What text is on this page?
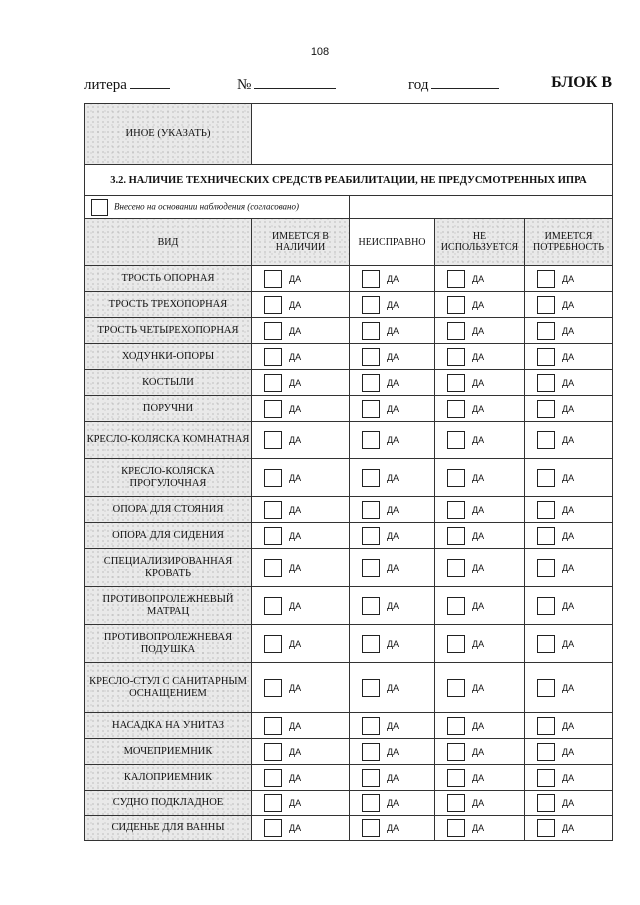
108
литера	№	год	БЛОК В
ИНОЕ (УКАЗАТЬ)				
3.2. НАЛИЧИЕ ТЕХНИЧЕСКИХ СРЕДСТВ РЕАБИЛИТАЦИИ, НЕ ПРЕДУСМОТРЕННЫХ ИПРА				
Внесено на основании наблюдения (согласовано)				
ВИД	ИМЕЕТСЯ В НАЛИЧИИ	НЕИСПРАВНО	НЕ ИСПОЛЬЗУЕТСЯ	ИМЕЕТСЯ ПОТРЕБНОСТЬ
ТРОСТЬ ОПОРНАЯ	ДА	ДА	ДА	ДА

ТРОСТЬ ТРЕХОПОРНАЯ	ДА	ДА	ДА	ДА

ТРОСТЬ ЧЕТЫРЕХОПОРНАЯ	ДА	ДА	ДА	ДА

ХОДУНКИ-ОПОРЫ	ДА	ДА	ДА	ДА

КОСТЫЛИ	ДА	ДА	ДА	ДА

ПОРУЧНИ	ДА	ДА	ДА	ДА

КРЕСЛО-КОЛЯСКА КОМНАТНАЯ	ДА	ДА	ДА	ДА

КРЕСЛО-КОЛЯСКА ПРОГУЛОЧНАЯ	ДА	ДА	ДА	ДА

ОПОРА ДЛЯ СТОЯНИЯ	ДА	ДА	ДА	ДА

ОПОРА ДЛЯ СИДЕНИЯ	ДА	ДА	ДА	ДА

СПЕЦИАЛИЗИРОВАННАЯ КРОВАТЬ	ДА	ДА	ДА	ДА

ПРОТИВОПРОЛЕЖНЕВЫЙ МАТРАЦ	ДА	ДА	ДА	ДА

ПРОТИВОПРОЛЕЖНЕВАЯ ПОДУШКА	ДА	ДА	ДА	ДА

КРЕСЛО-СТУЛ С САНИТАРНЫМ ОСНАЩЕНИЕМ	ДА	ДА	ДА	ДА

НАСАДКА НА УНИТАЗ	ДА	ДА	ДА	ДА

МОЧЕПРИЕМНИК	ДА	ДА	ДА	ДА

КАЛОПРИЕМНИК	ДА	ДА	ДА	ДА

СУДНО ПОДКЛАДНОЕ	ДА	ДА	ДА	ДА

СИДЕНЬЕ ДЛЯ ВАННЫ	ДА	ДА	ДА	ДА
